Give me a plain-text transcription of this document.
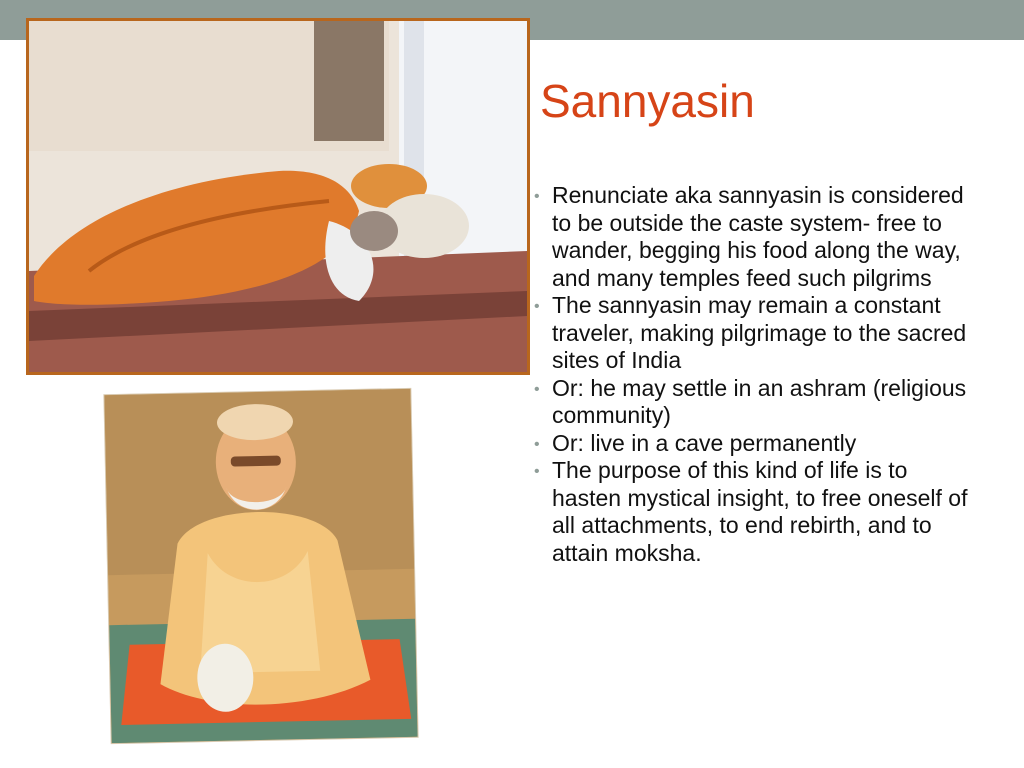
Sannyasin
• Renunciate aka sannyasin is considered to be outside the caste system- free to wander, begging his food along the way, and many temples feed such pilgrims
• The sannyasin may remain a constant traveler, making pilgrimage to the sacred sites of India
• Or: he may settle in an ashram (religious community)
• Or: live in a cave permanently
• The purpose of this kind of life is to hasten mystical insight, to free oneself of all attachments, to end rebirth, and to attain moksha.
